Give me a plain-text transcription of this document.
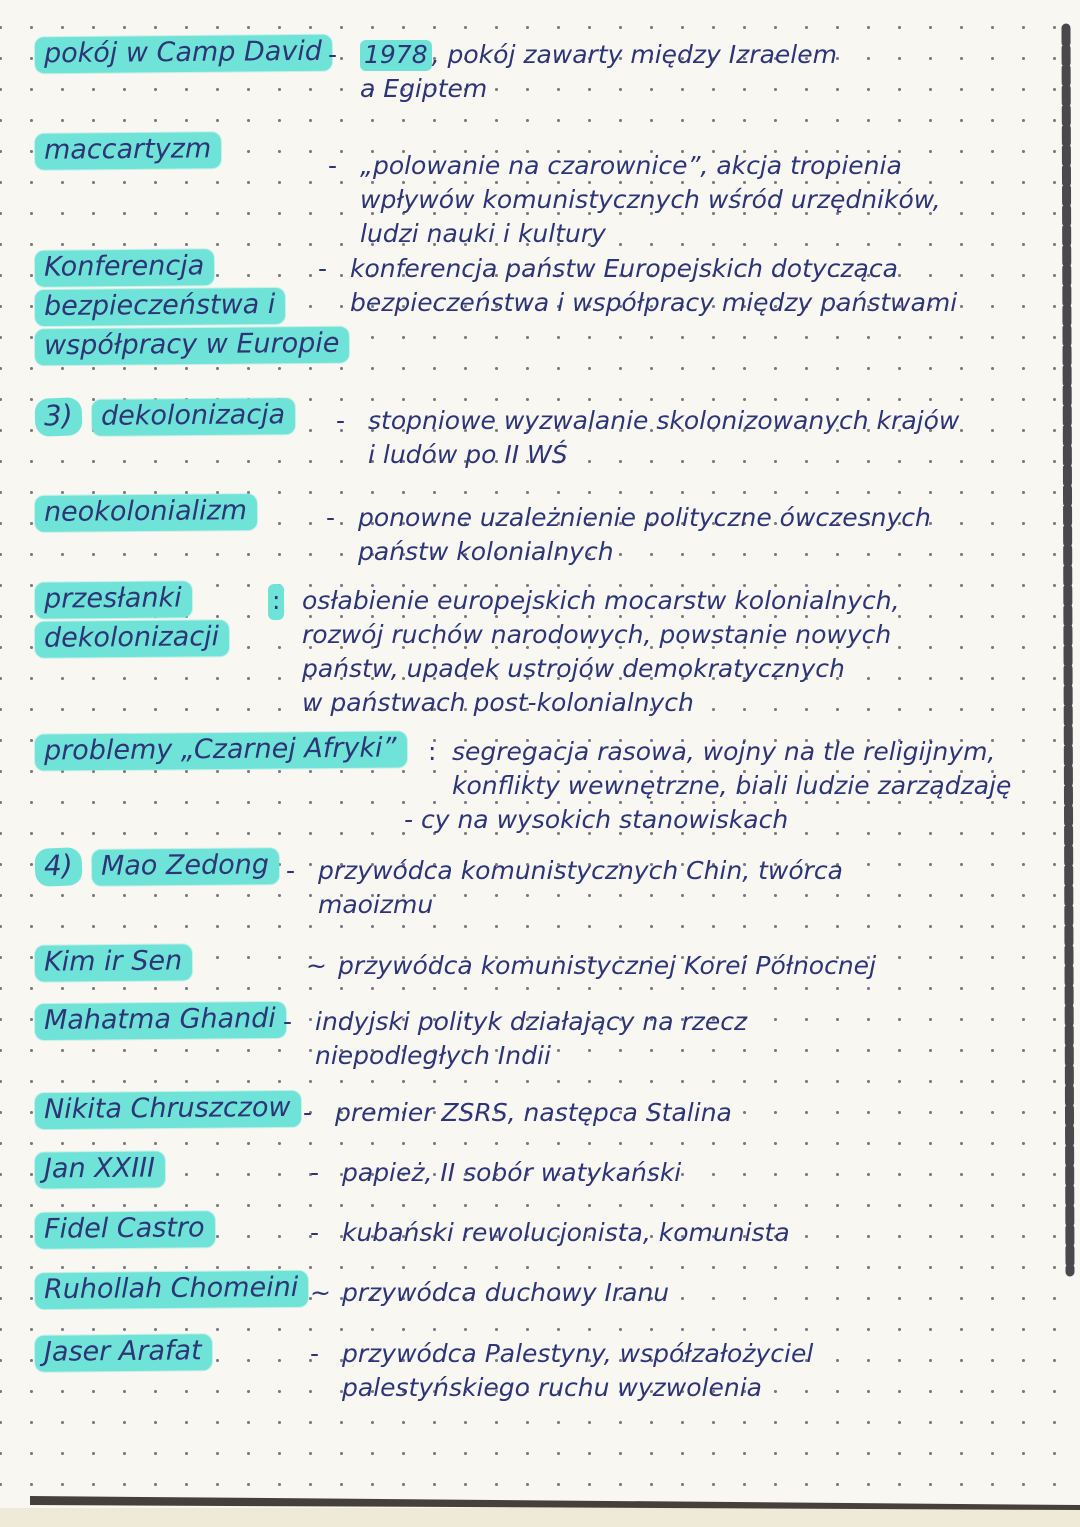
pokój w Camp David - 1978 , pokój zawarty między Izraelem
a Egiptem
maccartyzm	- „polowanie na czarownice”, akcja tropienia
wpływów komunistycznych wśród urzędników,
ludzi nauki i kultury
Konferencja
bezpieczeństwa i
współpracy w Europie
- konferencja państw Europejskich dotycząca
bezpieczeństwa i współpracy między państwami
3)	dekolonizacja	- stopniowe wyzwalanie skolonizowanych krajów
i ludów po II WŚ
neokolonializm	- ponowne uzależnienie polityczne ówczesnych
państw kolonialnych
przesłanki
dekolonizacji
: osłabienie europejskich mocarstw kolonialnych,
rozwój ruchów narodowych, powstanie nowych
państw, upadek ustrojów demokratycznych
w państwach post-kolonialnych
problemy „Czarnej Afryki”	: segregacja rasowa, wojny na tle religijnym,
konflikty wewnętrzne, biali ludzie zarządzaję
- cy na wysokich stanowiskach
4)	Mao Zedong - przywódca komunistycznych Chin, twórca
maoizmu
Kim ir Sen	~ przywódca komunistycznej Korei Północnej
Mahatma Ghandi - indyjski polityk działający na rzecz
niepodległych Indii
Nikita Chruszczow - premier ZSRS, następca Stalina
Jan XXIII	- papież, II sobór watykański
Fidel Castro	- kubański rewolucjonista, komunista
Ruhollah Chomeini ~ przywódca duchowy Iranu
Jaser Arafat	- przywódca Palestyny, współzałożyciel
palestyńskiego ruchu wyzwolenia
